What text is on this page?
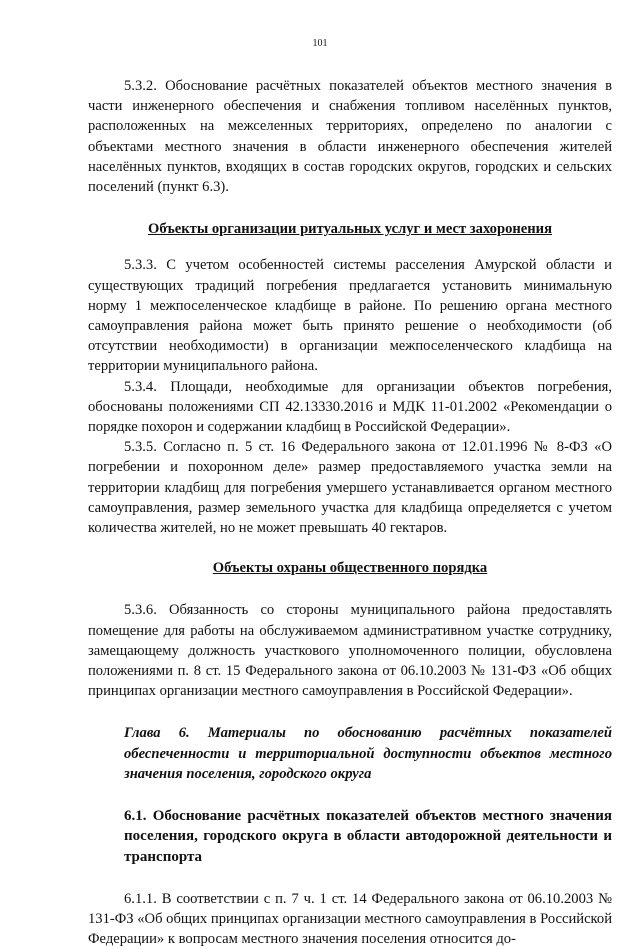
101

5.3.2. Обоснование расчётных показателей объектов местного значения в части инженерного обеспечения и снабжения топливом населённых пунктов, расположенных на межселенных территориях, определено по аналогии с объектами местного значения в области инженерного обеспечения жителей населённых пунктов, входящих в состав городских округов, городских и сельских поселений (пункт 6.3).

Объекты организации ритуальных услуг и мест захоронения

5.3.3. С учетом особенностей системы расселения Амурской области и существующих традиций погребения предлагается установить минимальную норму 1 межпоселенческое кладбище в районе. По решению органа местного самоуправления района может быть принято решение о необходимости (об отсутствии необходимости) в организации межпоселенческого кладбища на территории муниципального района.

5.3.4. Площади, необходимые для организации объектов погребения, обоснованы положениями СП 42.13330.2016 и МДК 11-01.2002 «Рекомендации о порядке похорон и содержании кладбищ в Российской Федерации».

5.3.5. Согласно п. 5 ст. 16 Федерального закона от 12.01.1996 № 8-ФЗ «О погребении и похоронном деле» размер предоставляемого участка земли на территории кладбищ для погребения умершего устанавливается органом местного самоуправления, размер земельного участка для кладбища определяется с учетом количества жителей, но не может превышать 40 гектаров.

Объекты охраны общественного порядка

5.3.6. Обязанность со стороны муниципального района предоставлять помещение для работы на обслуживаемом административном участке сотруднику, замещающему должность участкового уполномоченного полиции, обусловлена положениями п. 8 ст. 15 Федерального закона от 06.10.2003 № 131-ФЗ «Об общих принципах организации местного самоуправления в Российской Федерации».

Глава 6. Материалы по обоснованию расчётных показателей обеспеченности и территориальной доступности объектов местного значения поселения, городского округа

6.1. Обоснование расчётных показателей объектов местного значения поселения, городского округа в области автодорожной деятельности и транспорта

6.1.1. В соответствии с п. 7 ч. 1 ст. 14 Федерального закона от 06.10.2003 № 131-ФЗ «Об общих принципах организации местного самоуправления в Российской Федерации» к вопросам местного значения поселения относится до-
